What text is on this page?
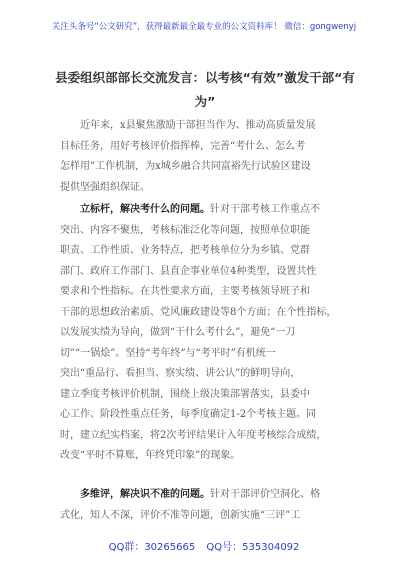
关注头条号“公文研究”，获得最新最全最专业的公文资料库！ 微信：gongwenyj
县委组织部部长交流发言：以考核“有效”激发干部“有
为”
近年来，x县聚焦激励干部担当作为、推动高质量发展
目标任务，用好考核评价指挥棒，完善“考什么、怎么考
怎样用”工作机制，为x城乡融合共同富裕先行试验区建设
提供坚强组织保证。
立标杆，解决考什么的问题。针对干部考核工作重点不
突出、内容不聚焦，考核标准泛化等问题，按照单位职能
职责、工作性质、业务特点，把考核单位分为乡镇、党群
部门、政府工作部门、县直企事业单位4种类型，设置共性
要求和个性指标。在共性要求方面，主要考核领导班子和
干部的思想政治素质、党风廉政建设等8个方面；在个性指标，
以发展实绩为导向，做到“干什么考什么”，避免“一刀
切”“一锅烩”。坚持“考年终”与“考平时”有机统一
突出“重品行、看担当、察实绩、讲公认”的鲜明导向，
建立季度考核评价机制，围绕上级决策部署落实，县委中
心工作、阶段性重点任务，每季度确定1-2个考核主题。同
时，建立纪实档案，将2次考评结果计入年度考核综合成绩，
改变“平时不算账，年终凭印象”的现象。
多维评，解决识不准的问题。针对干部评价空洞化、格
式化，知人不深，评价不准等问题，创新实施“三评”工
QQ群：30265665 QQ号：535304092
